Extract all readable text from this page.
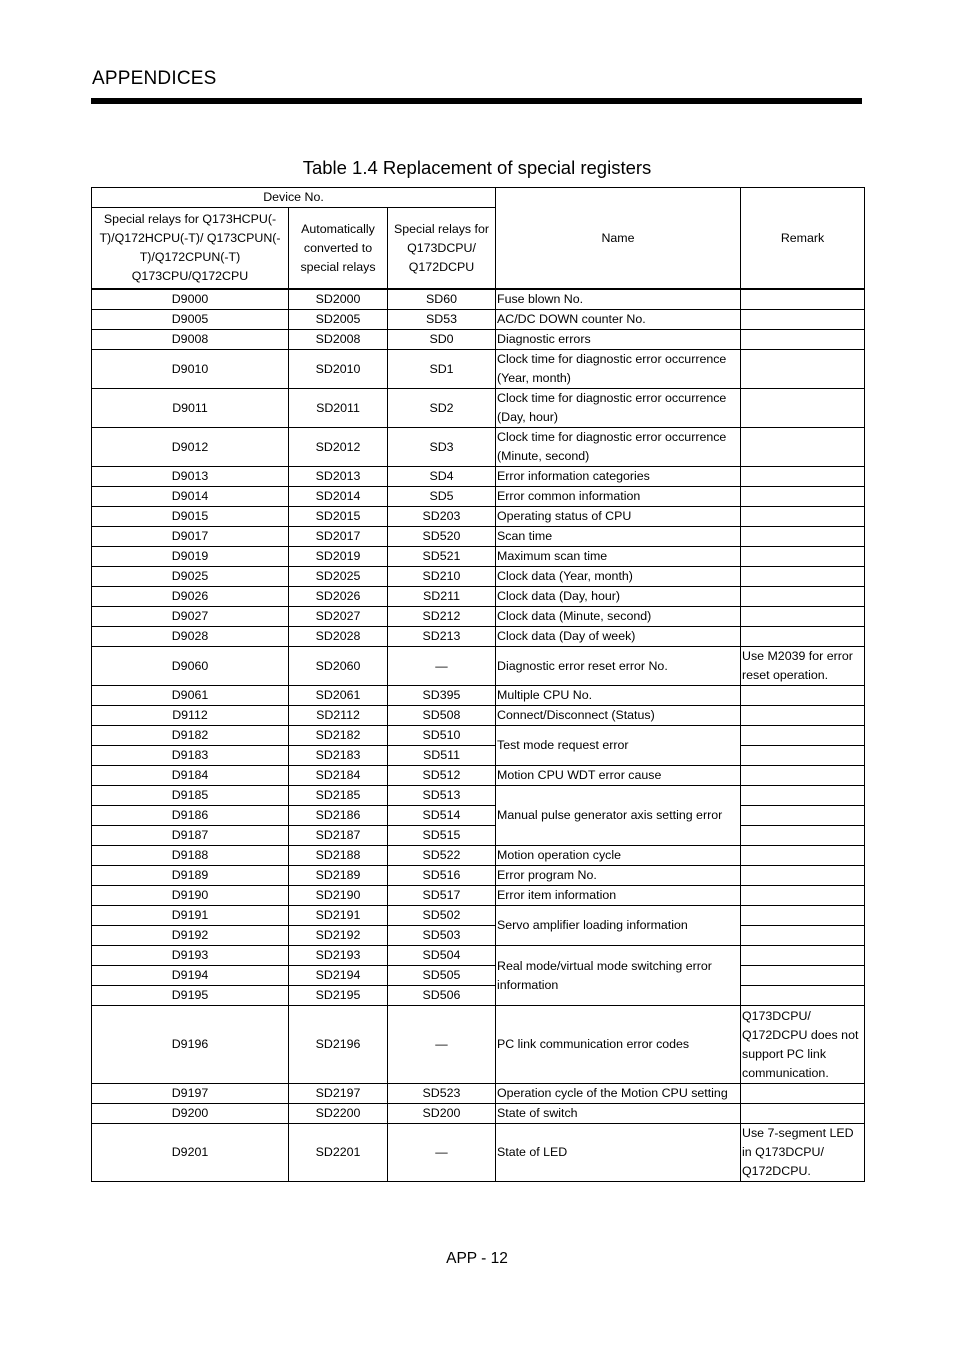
APPENDICES
Table 1.4 Replacement of special registers
Device No.			Name	Remark
Special relays for Q173HCPU(-T)/Q172HCPU(-T)/ Q173CPUN(-T)/Q172CPUN(-T) Q173CPU/Q172CPU	Automatically converted to special relays	Special relays for Q173DCPU/ Q172DCPU		
D9000	SD2000	SD60	Fuse blown No.	
D9005	SD2005	SD53	AC/DC DOWN counter No.	
D9008	SD2008	SD0	Diagnostic errors	
D9010	SD2010	SD1	Clock time for diagnostic error occurrence (Year, month)	
D9011	SD2011	SD2	Clock time for diagnostic error occurrence (Day, hour)	
D9012	SD2012	SD3	Clock time for diagnostic error occurrence (Minute, second)	
D9013	SD2013	SD4	Error information categories	
D9014	SD2014	SD5	Error common information	
D9015	SD2015	SD203	Operating status of CPU	
D9017	SD2017	SD520	Scan time	
D9019	SD2019	SD521	Maximum scan time	
D9025	SD2025	SD210	Clock data (Year, month)	
D9026	SD2026	SD211	Clock data (Day, hour)	
D9027	SD2027	SD212	Clock data (Minute, second)	
D9028	SD2028	SD213	Clock data (Day of week)	
D9060	SD2060	—	Diagnostic error reset error No.	Use M2039 for error reset operation.
D9061	SD2061	SD395	Multiple CPU No.	
D9112	SD2112	SD508	Connect/Disconnect (Status)	
D9182	SD2182	SD510	Test mode request error	
D9183	SD2183	SD511		
D9184	SD2184	SD512	Motion CPU WDT error cause	
D9185	SD2185	SD513	Manual pulse generator axis setting error	
D9186	SD2186	SD514		
D9187	SD2187	SD515		
D9188	SD2188	SD522	Motion operation cycle	
D9189	SD2189	SD516	Error program No.	
D9190	SD2190	SD517	Error item information	
D9191	SD2191	SD502	Servo amplifier loading information	
D9192	SD2192	SD503		
D9193	SD2193	SD504	Real mode/virtual mode switching error information	
D9194	SD2194	SD505		
D9195	SD2195	SD506		
D9196	SD2196	—	PC link communication error codes	Q173DCPU/ Q172DCPU does not support PC link communication.
D9197	SD2197	SD523	Operation cycle of the Motion CPU setting	
D9200	SD2200	SD200	State of switch	
D9201	SD2201	—	State of LED	Use 7-segment LED in Q173DCPU/ Q172DCPU.
APP - 12
